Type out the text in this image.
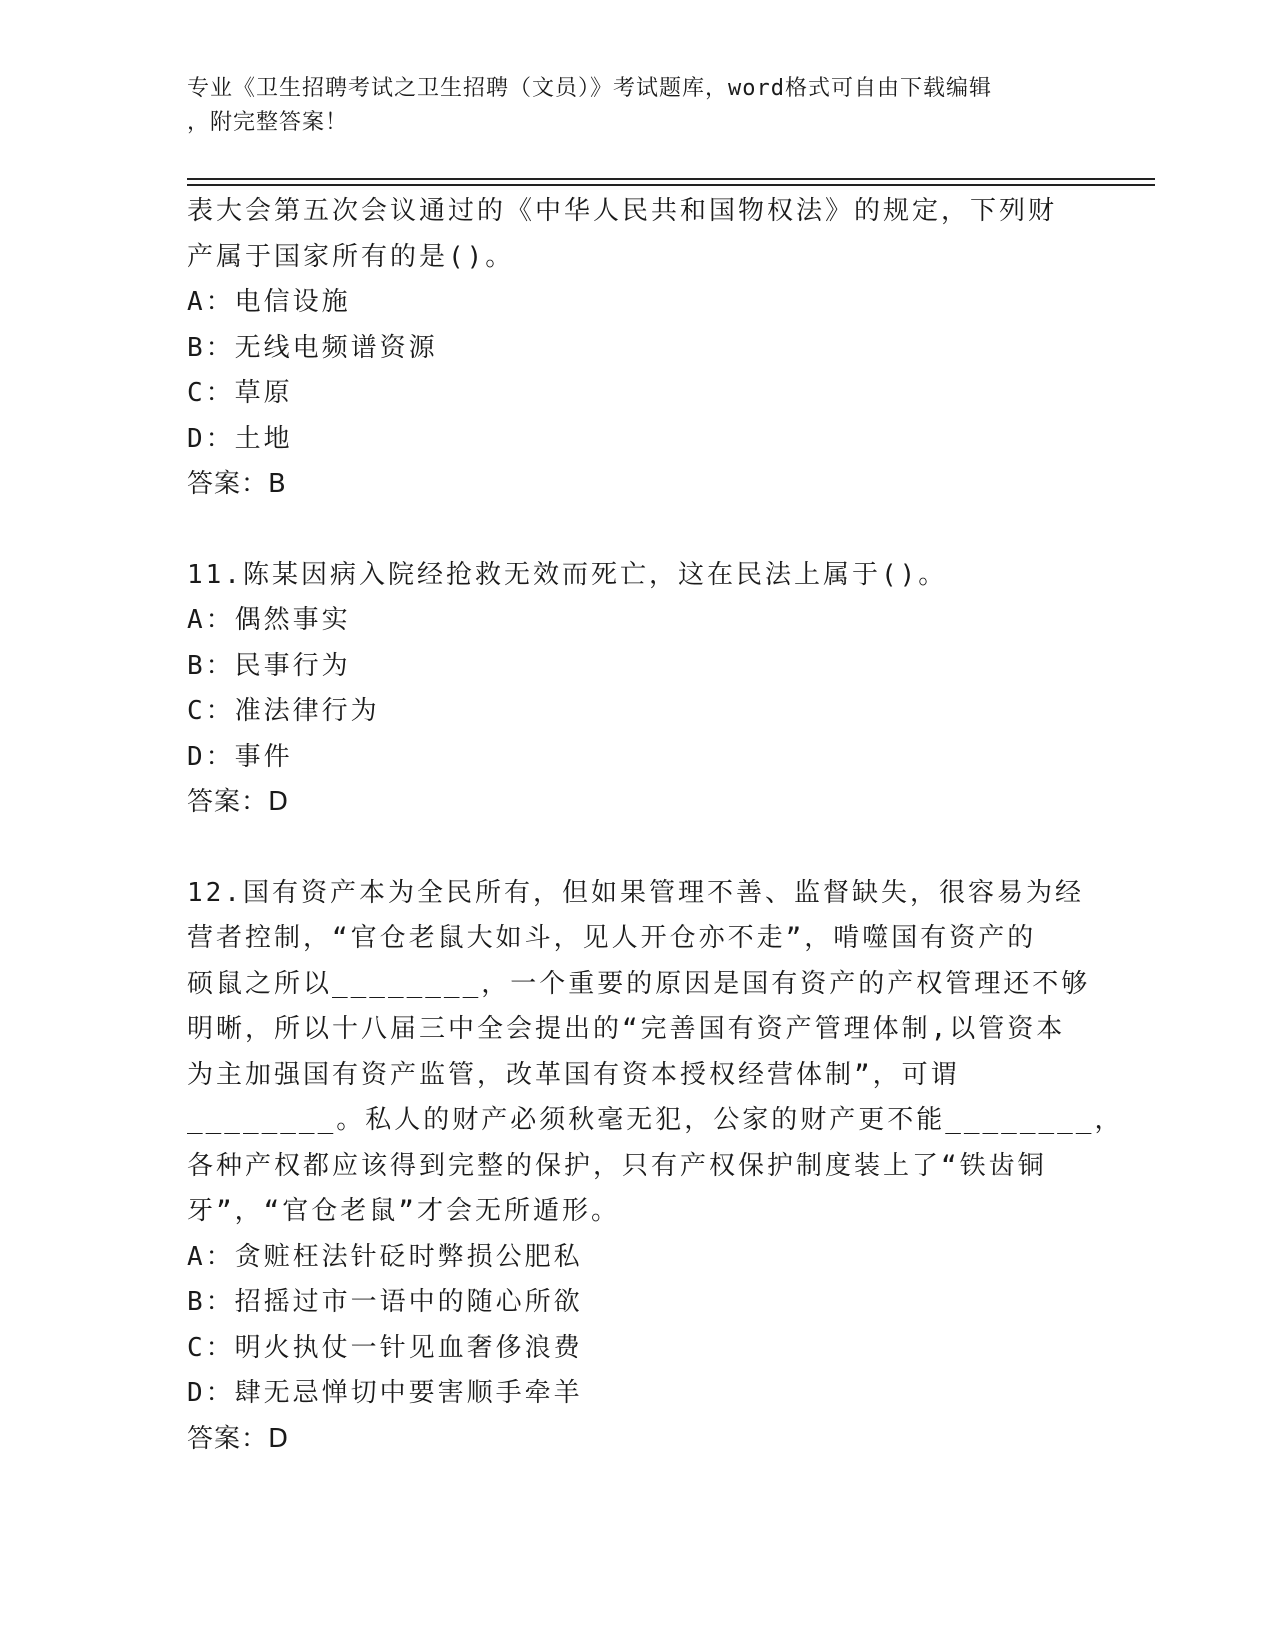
专业《卫生招聘考试之卫生招聘（文员）》考试题库，word格式可自由下载编辑
，附完整答案！
表大会第五次会议通过的《中华人民共和国物权法》的规定，下列财
产属于国家所有的是()。
A：电信设施
B：无线电频谱资源
C：草原
D：土地
答案：B
11.陈某因病入院经抢救无效而死亡，这在民法上属于()。
A：偶然事实
B：民事行为
C：准法律行为
D：事件
答案：D
12.国有资产本为全民所有，但如果管理不善、监督缺失，很容易为经
营者控制，“官仓老鼠大如斗，见人开仓亦不走”，啃噬国有资产的
硕鼠之所以________，一个重要的原因是国有资产的产权管理还不够
明晰，所以十八届三中全会提出的“完善国有资产管理体制,以管资本
为主加强国有资产监管，改革国有资本授权经营体制”，可谓
________。私人的财产必须秋毫无犯，公家的财产更不能________，
各种产权都应该得到完整的保护，只有产权保护制度装上了“铁齿铜
牙”，“官仓老鼠”才会无所遁形。
A：贪赃枉法针砭时弊损公肥私
B：招摇过市一语中的随心所欲
C：明火执仗一针见血奢侈浪费
D：肆无忌惮切中要害顺手牵羊
答案：D
